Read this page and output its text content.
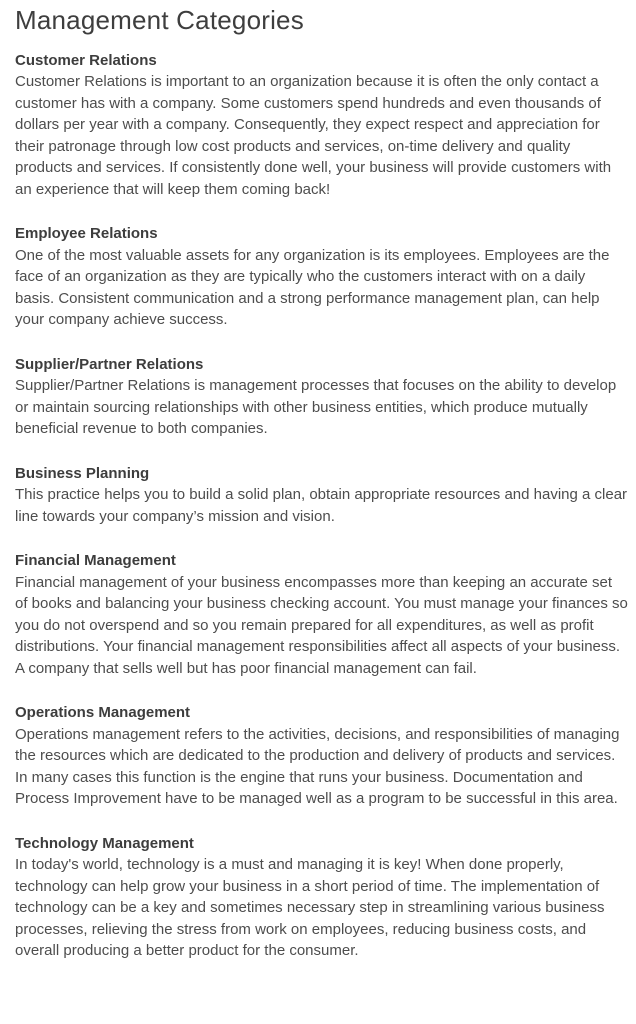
Management Categories
Customer Relations

Customer Relations is important to an organization because it is often the only contact a customer has with a company. Some customers spend hundreds and even thousands of dollars per year with a company. Consequently, they expect respect and appreciation for their patronage through low cost products and services, on-time delivery and quality products and services. If consistently done well, your business will provide customers with an experience that will keep them coming back!

Employee Relations

One of the most valuable assets for any organization is its employees. Employees are the face of an organization as they are typically who the customers interact with on a daily basis. Consistent communication and a strong performance management plan, can help your company achieve success.

Supplier/Partner Relations

Supplier/Partner Relations is management processes that focuses on the ability to develop or maintain sourcing relationships with other business entities, which produce mutually beneficial revenue to both companies.

Business Planning

This practice helps you to build a solid plan, obtain appropriate resources and having a clear line towards your company’s mission and vision.

Financial Management

Financial management of your business encompasses more than keeping an accurate set of books and balancing your business checking account. You must manage your finances so you do not overspend and so you remain prepared for all expenditures, as well as profit distributions. Your financial management responsibilities affect all aspects of your business. A company that sells well but has poor financial management can fail.

Operations Management

Operations management refers to the activities, decisions, and responsibilities of managing the resources which are dedicated to the production and delivery of products and services. In many cases this function is the engine that runs your business. Documentation and Process Improvement have to be managed well as a program to be successful in this area.

Technology Management

In today's world, technology is a must and managing it is key! When done properly, technology can help grow your business in a short period of time. The implementation of technology can be a key and sometimes necessary step in streamlining various business processes, relieving the stress from work on employees, reducing business costs, and overall producing a better product for the consumer.
